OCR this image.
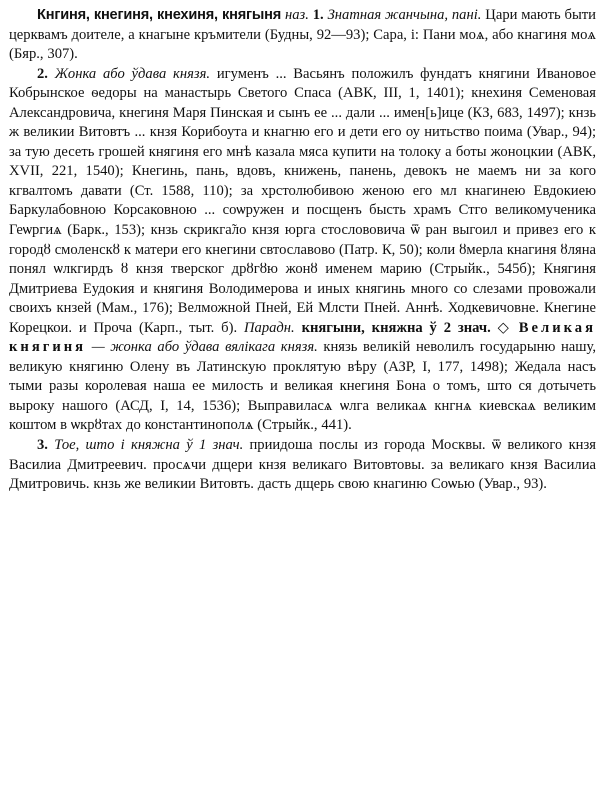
Кнгиня, кнегиня, кнехиня, княгыня наз. 1. Знатная жанчына, пані. Цари мають быти церквамъ доителе, а кнагыне кръмители (Будны, 92—93); Сара, і: Пани моѧ, або кнагиня моѧ (Бяр., 307).

2. Жонка або ўдава князя. игуменъ ... Васьянъ положилъ фундатъ княгини Ивановое Кобрынское ѳедоры на манастырь Светого Спаса (АВК, III, 1, 1401); кнехиня Семеновая Александровича, кнегиня Маря Пинская и сынъ ее ... дали ... имен[ь]ице (КЗ, 683, 1497); кнзь ж великии Витовтъ ... кнзя Корибоута и кнагню его и дети его оу нитьство поима (Увар., 94); за тую десеть грошей княгиня его мнѣ казала мяса купити на толоку а боты жоноцкии (АВК, XVII, 221, 1540); Кнегинь, пань, вдовъ, книжень, панень, девокъ не маемъ ни за кого кгвалтомъ давати (Ст. 1588, 110); за хрстолюбивою женою его мл кнагинею Евдокиею Баркулабовною Корсаковною ... соѡружен и посщенъ бысть храмъ Стго великомученика Геѡргиѧ (Барк., 153); кнзь скрикга̃ло кнзя юрга стослововича ѿ ран выгоил и привез его к городȣ смоленскȣ к матери его кнегини свтославово (Патр. К, 50); коли ȣмерла кнагиня ȣляна понял ѡлкгирдъ ȣ кнзя тверског дрȣгȣю жонȣ именем марию (Стрыйк., 545б); Княгиня Дмитриева Еудокия и княгиня Володимерова и иных княгинь много со слезами провожали своихъ кнзей (Мам., 176); Велможной Пней, Ей Млсти Пней. Аннѣ. Ходкевичовне. Кнегине Корецкои. и Проча (Карп., тыт. б). Парадн. княгыни, княжна ў 2 знач. ◇ Великая княгиня — жонка або ўдава вялікага князя. князь великій неволилъ государыню нашу, великую княгиню Олену въ Латинскую проклятую вѣру (АЗР, I, 177, 1498); Жедала насъ тыми разы королевая наша ее милость и великая кнегиня Бона о томъ, што ся дотычеть выроку нашого (АСД, I, 14, 1536); Выправиласѧ ѡлга великаѧ кнгнѧ киевскаѧ великим коштом в ѡкрȣтах до константинополѧ (Стрыйк., 441).

3. Тое, што і княжна ў 1 знач. приидоша послы из города Москвы. ѿ великого кнзя Василиа Дмитреевич. просѧчи дщери кнзя великаго Витовтовы. за великаго кнзя Василиа Дмитровичь. кнзь же великии Витовть. дасть дщерь свою кнагиню Соѡью (Увар., 93).
